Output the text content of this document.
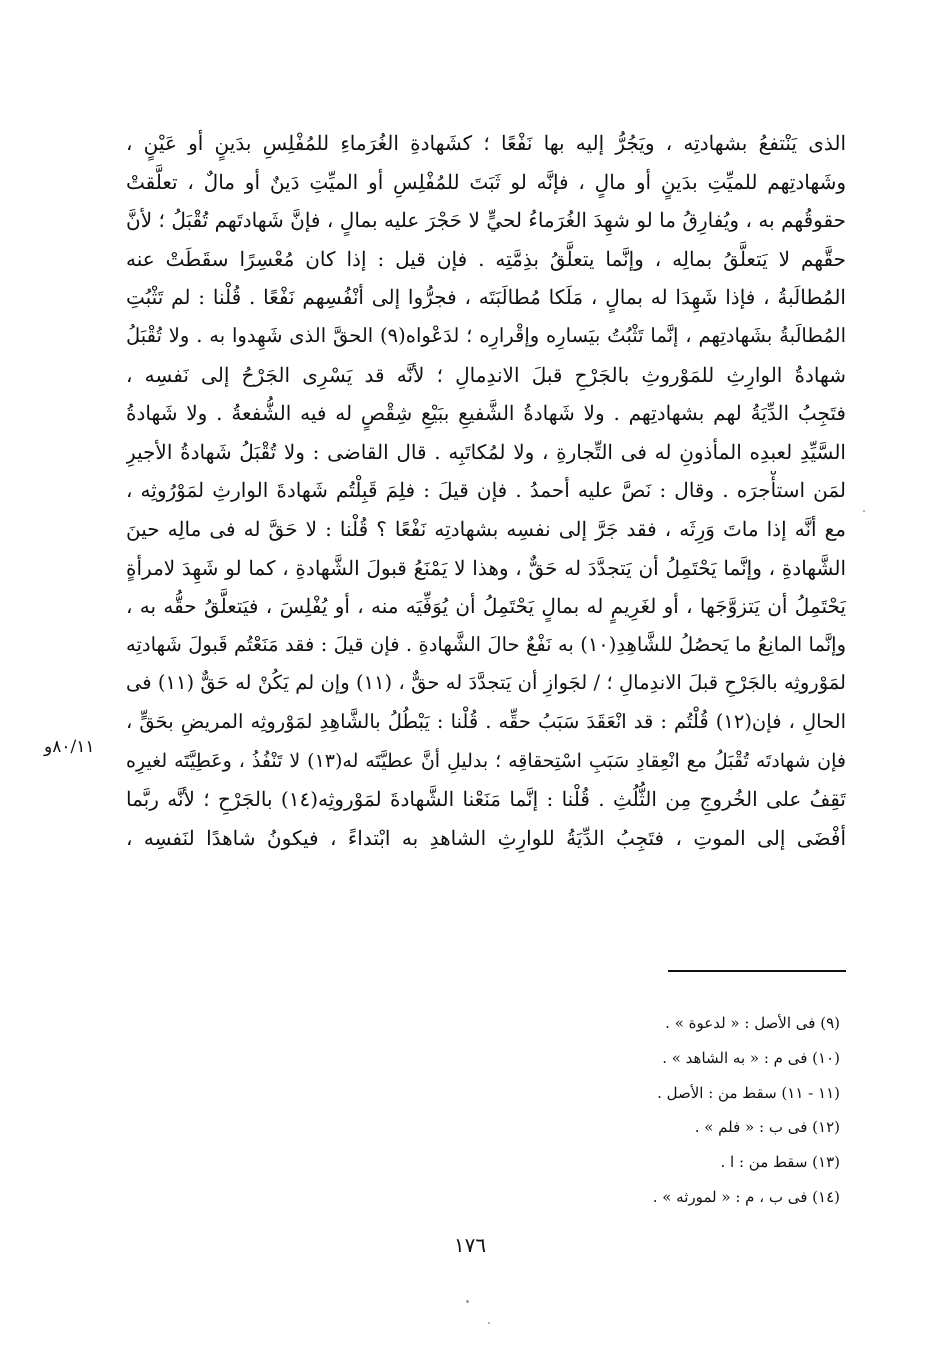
الذى يَنْتفعُ بشهادتِه ، ويَجُرُّ إليه بها نَفْعًا ؛ كشَهادةِ الغُرَماءِ للمُفْلِسِ بدَينٍ أو عَيْنٍ ،
وشَهادتِهم للميِّتِ بدَينٍ أو مالٍ ، فإنَّه لو ثَبَتَ للمُفْلِسِ أو الميِّتِ دَينٌ أو مالٌ ، تعلَّقتْ
حقوقُهم به ، ويُفارِقُ ما لو شهِدَ الغُرَماءُ لحيٍّ لا حَجْرَ عليه بمالٍ ، فإنَّ شَهادتَهم تُقْبَلُ ؛ لأنَّ
حقَّهم لا يَتعلَّقُ بمالِه ، وإنَّما يتعلَّقُ بذِمَّتِه . فإن قيل : إذا كان مُعْسِرًا سقَطَتْ عنه
المُطالَبةُ ، فإذا شَهِدَا له بمالٍ ، مَلَكا مُطالَبَتَه ، فجرُّوا إلى أنْفُسِهم نَفْعًا . قُلْنا : لم تَثْبُتِ
المُطالَبةُ بشَهادتِهم ، إنَّما تَثْبُتُ بيَسارِه وإقْرارِه ؛ لدَعْواه(٩) الحقَّ الذى شَهِدوا به . ولا تُقْبَلُ
شهادةُ الوارِثِ للمَوْروثِ بالجَرْحِ قبلَ الاندِمالِ ؛ لأنَّه قد يَسْرِى الجَرْحُ إلى نَفسِه ،
فتَجِبُ الدِّيَةُ لهم بشهادتِهم . ولا شَهادةُ الشَّفيعِ ببَيْعِ شِقْصٍ له فيه الشُّفعةُ . ولا شَهادةُ
السَّيِّدِ لعبدِه المأذونِ له فى التِّجارةِ ، ولا لمُكاتَبِه . قال القاضى : ولا تُقْبَلُ شَهادةُ الأجيرِ
لمَن استأْجرَه . وقال : نَصَّ عليه أحمدُ . فإن قيلَ : فلِمَ قَبِلْتُم شَهادةَ الوارثِ لمَوْرُوثِه ،
مع أنَّه إذا ماتَ وَرِثَه ، فقد جَرَّ إلى نفسِه بشهادتِه نَفْعًا ؟ قُلْنا : لا حَقَّ له فى مالِه حينَ
الشَّهادةِ ، وإنَّما يَحْتَمِلُ أن يَتجدَّدَ له حَقٌّ ، وهذا لا يَمْنَعُ قبولَ الشَّهادةِ ، كما لو شَهِدَ لامرأةٍ
يَحْتَمِلُ أن يَتزوَّجَها ، أو لغَرِيمٍ له بمالٍ يَحْتَمِلُ أن يُوَفِّيَه منه ، أو يُفْلِسَ ، فيَتعلَّقُ حقُّه به ،
وإنَّما المانِعُ ما يَحصُلُ للشَّاهِدِ(١٠) به نَفْعٌ حالَ الشَّهادةِ . فإن قيلَ : فقد مَنَعْتُم قَبولَ شَهادتِه
لمَوْروثِه بالجَرْحِ قبلَ الاندِمالِ ؛ / لجَوازِ أن يَتجدَّدَ له حقٌّ ، (١١) وإن لم يَكُنْ له حَقٌّ (١١) فى
الحالِ ، فإن(١٢) قُلْتُم : قد انْعَقَدَ سَبَبُ حقِّه . قُلْنا : يَبْطُلُ بالشَّاهِدِ لمَوْروثِه المريضِ بحَقٍّ ،
فإن شهادتَه تُقْبَلُ مع انْعِقادِ سَبَبِ اسْتِحقاقِه ؛ بدليلِ أنَّ عطيَّتَه له(١٣) لا تَنْفُذُ ، وعَطِيَّتَه لغيرِه
تَقِفُ على الخُروجِ مِن الثُّلُثِ . قُلْنا : إنَّما مَنَعْنا الشَّهادةَ لمَوْروثِه(١٤) بالجَرْحِ ؛ لأنَّه ربَّما
أفْضَى إلى الموتِ ، فتَجِبُ الدِّيَةُ للوارِثِ الشاهدِ به ابْتداءً ، فيكونُ شاهدًا لنَفسِه ،
٨٠/١١و
(٩) فى الأصل : « لدعوة » .
(١٠) فى م : « به الشاهد » .
(١١ - ١١) سقط من : الأصل .
(١٢) فى ب : « فلم » .
(١٣) سقط من : ا .
(١٤) فى ب ، م : « لمورثه » .
١٧٦
